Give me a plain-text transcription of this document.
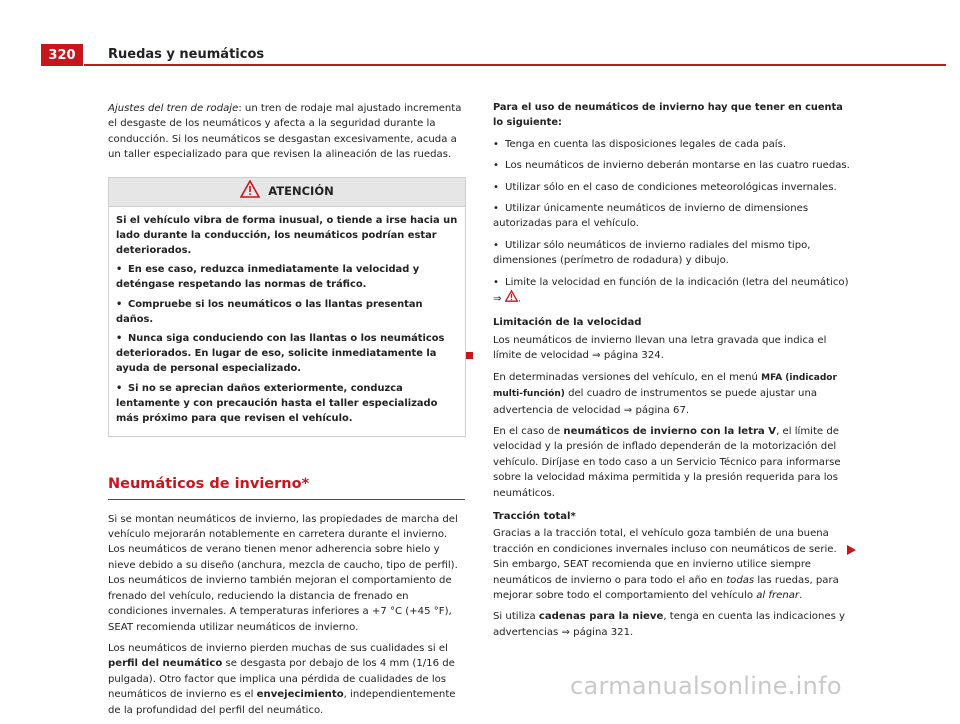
320	Ruedas y neumáticos

Ajustes del tren de rodaje: un tren de rodaje mal ajustado incrementa el desgaste de los neumáticos y afecta a la seguridad durante la conducción. Si los neumáticos se desgastan excesivamente, acuda a un taller especializado para que revisen la alineación de las ruedas.

ATENCIÓN

Si el vehículo vibra de forma inusual, o tiende a irse hacia un lado durante la conducción, los neumáticos podrían estar deteriorados.

• En ese caso, reduzca inmediatamente la velocidad y deténgase respetando las normas de tráfico.

• Compruebe si los neumáticos o las llantas presentan daños.

• Nunca siga conduciendo con las llantas o los neumáticos deteriorados. En lugar de eso, solicite inmediatamente la ayuda de personal especializado.

• Si no se aprecian daños exteriormente, conduzca lentamente y con precaución hasta el taller especializado más próximo para que revisen el vehículo.

Neumáticos de invierno*

Si se montan neumáticos de invierno, las propiedades de marcha del vehículo mejorarán notablemente en carretera durante el invierno. Los neumáticos de verano tienen menor adherencia sobre hielo y nieve debido a su diseño (anchura, mezcla de caucho, tipo de perfil). Los neumáticos de invierno también mejoran el comportamiento de frenado del vehículo, reduciendo la distancia de frenado en condiciones invernales. A temperaturas inferiores a +7 °C (+45 °F), SEAT recomienda utilizar neumáticos de invierno.

Los neumáticos de invierno pierden muchas de sus cualidades si el perfil del neumático se desgasta por debajo de los 4 mm (1/16 de pulgada). Otro factor que implica una pérdida de cualidades de los neumáticos de invierno es el envejecimiento, independientemente de la profundidad del perfil del neumático.

Para el uso de neumáticos de invierno hay que tener en cuenta lo siguiente:

• Tenga en cuenta las disposiciones legales de cada país.

• Los neumáticos de invierno deberán montarse en las cuatro ruedas.

• Utilizar sólo en el caso de condiciones meteorológicas invernales.

• Utilizar únicamente neumáticos de invierno de dimensiones autorizadas para el vehículo.

• Utilizar sólo neumáticos de invierno radiales del mismo tipo, dimensiones (perímetro de rodadura) y dibujo.

• Limite la velocidad en función de la indicación (letra del neumático)
⇒ .

Limitación de la velocidad

Los neumáticos de invierno llevan una letra gravada que indica el límite de velocidad ⇒ página 324.

En determinadas versiones del vehículo, en el menú MFA (indicador multi-función) del cuadro de instrumentos se puede ajustar una advertencia de velocidad ⇒ página 67.

En el caso de neumáticos de invierno con la letra V, el límite de velocidad y la presión de inflado dependerán de la motorización del vehículo. Diríjase en todo caso a un Servicio Técnico para informarse sobre la velocidad máxima permitida y la presión requerida para los neumáticos.

Tracción total*

Gracias a la tracción total, el vehículo goza también de una buena tracción en condiciones invernales incluso con neumáticos de serie. Sin embargo, SEAT recomienda que en invierno utilice siempre neumáticos de invierno o para todo el año en todas las ruedas, para mejorar sobre todo el comportamiento del vehículo al frenar.

Si utiliza cadenas para la nieve, tenga en cuenta las indicaciones y advertencias ⇒ página 321.

carmanualsonline.info
